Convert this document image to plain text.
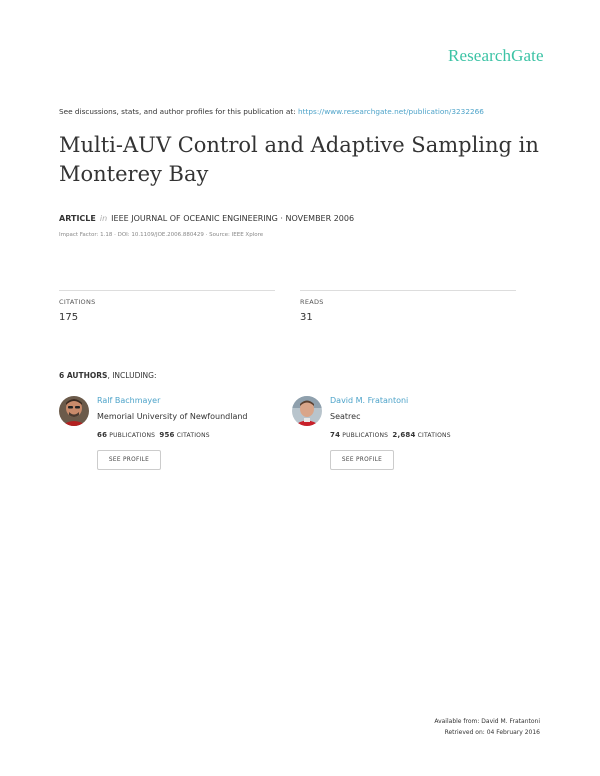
ResearchGate
See discussions, stats, and author profiles for this publication at: https://www.researchgate.net/publication/3232266
Multi-AUV Control and Adaptive Sampling in Monterey Bay
ARTICLE in IEEE JOURNAL OF OCEANIC ENGINEERING · NOVEMBER 2006
Impact Factor: 1.18 · DOI: 10.1109/JOE.2006.880429 · Source: IEEE Xplore
CITATIONS
175
READS
31
6 AUTHORS, INCLUDING:
Ralf Bachmayer
Memorial University of Newfoundland
66 PUBLICATIONS 956 CITATIONS
SEE PROFILE
David M. Fratantoni
Seatrec
74 PUBLICATIONS 2,684 CITATIONS
SEE PROFILE
Available from: David M. Fratantoni
Retrieved on: 04 February 2016
